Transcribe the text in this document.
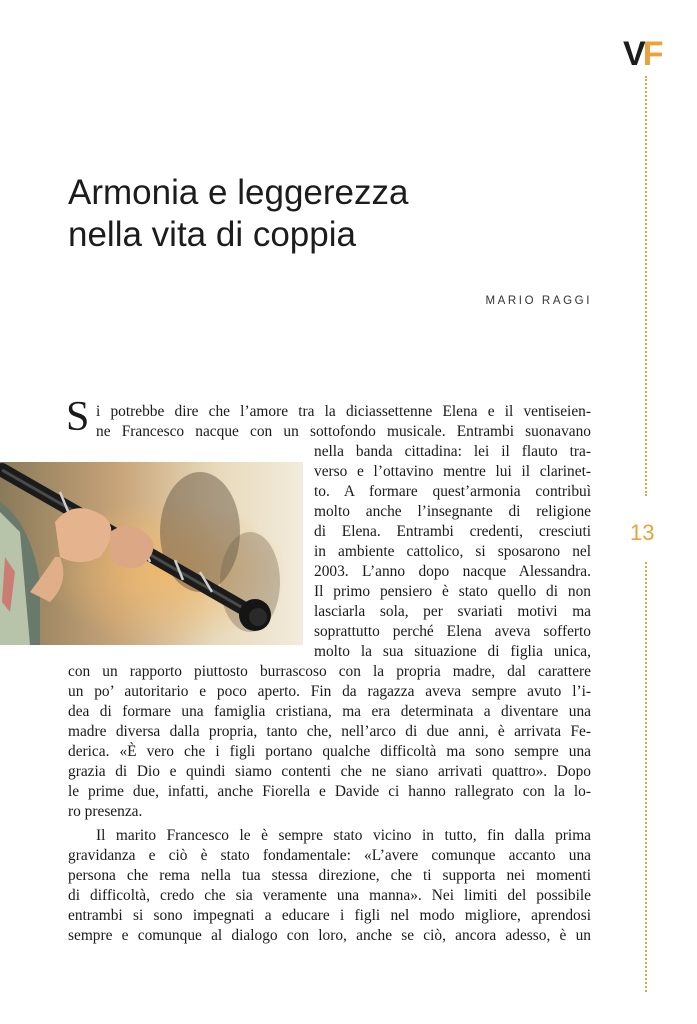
VF
13
Armonia e leggerezza
nella vita di coppia
MARIO RAGGI
S i potrebbe dire che l’amore tra la diciassettenne Elena e il ventiseien-
ne Francesco nacque con un sottofondo musicale. Entrambi suonavano
nella banda cittadina: lei il flauto tra-
verso e l’ottavino mentre lui il clarinet-
to. A formare quest’armonia contribuì
molto anche l’insegnante di religione
di Elena. Entrambi credenti, cresciuti
in ambiente cattolico, si sposarono nel
2003. L’anno dopo nacque Alessandra.
Il primo pensiero è stato quello di non
lasciarla sola, per svariati motivi ma
soprattutto perché Elena aveva sofferto
molto la sua situazione di figlia unica,
con un rapporto piuttosto burrascoso con la propria madre, dal carattere
un po’ autoritario e poco aperto. Fin da ragazza aveva sempre avuto l’i-
dea di formare una famiglia cristiana, ma era determinata a diventare una
madre diversa dalla propria, tanto che, nell’arco di due anni, è arrivata Fe-
derica. «È vero che i figli portano qualche difficoltà ma sono sempre una
grazia di Dio e quindi siamo contenti che ne siano arrivati quattro». Dopo
le prime due, infatti, anche Fiorella e Davide ci hanno rallegrato con la lo-
ro presenza.
Il marito Francesco le è sempre stato vicino in tutto, fin dalla prima
gravidanza e ciò è stato fondamentale: «L’avere comunque accanto una
persona che rema nella tua stessa direzione, che ti supporta nei momenti
di difficoltà, credo che sia veramente una manna». Nei limiti del possibile
entrambi si sono impegnati a educare i figli nel modo migliore, aprendosi
sempre e comunque al dialogo con loro, anche se ciò, ancora adesso, è un
